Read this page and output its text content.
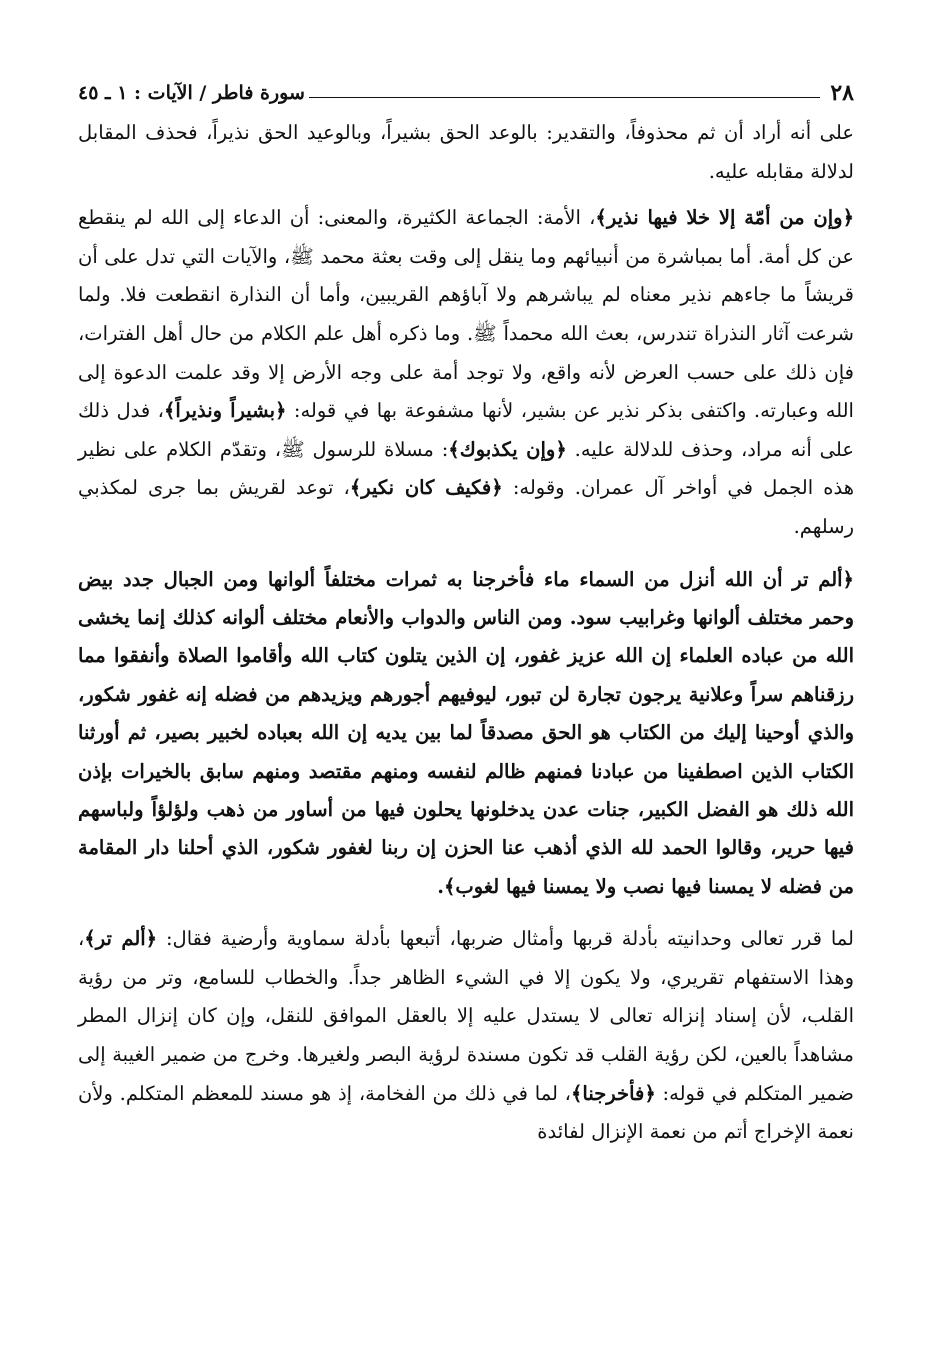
٢٨
سورة فاطر / الآيات : ١ ـ ٤٥

على أنه أراد أن ثم محذوفاً، والتقدير: بالوعد الحق بشيراً، وبالوعيد الحق نذيراً، فحذف المقابل لدلالة مقابله عليه.

﴿وإن من أمّة إلا خلا فيها نذير﴾، الأمة: الجماعة الكثيرة، والمعنى: أن الدعاء إلى الله لم ينقطع عن كل أمة. أما بمباشرة من أنبيائهم وما ينقل إلى وقت بعثة محمد ﷺ، والآيات التي تدل على أن قريشاً ما جاءهم نذير معناه لم يباشرهم ولا آباؤهم القريبين، وأما أن النذارة انقطعت فلا. ولما شرعت آثار النذراة تندرس، بعث الله محمداً ﷺ. وما ذكره أهل علم الكلام من حال أهل الفترات، فإن ذلك على حسب العرض لأنه واقع، ولا توجد أمة على وجه الأرض إلا وقد علمت الدعوة إلى الله وعبارته. واكتفى بذكر نذير عن بشير، لأنها مشفوعة بها في قوله: ﴿بشيراً ونذيراً﴾، فدل ذلك على أنه مراد، وحذف للدلالة عليه. ﴿وإن يكذبوك﴾: مسلاة للرسول ﷺ، وتقدّم الكلام على نظير هذه الجمل في أواخر آل عمران. وقوله: ﴿فكيف كان نكير﴾، توعد لقريش بما جرى لمكذبي رسلهم.

﴿ألم تر أن الله أنزل من السماء ماء فأخرجنا به ثمرات مختلفاً ألوانها ومن الجبال جدد بيض وحمر مختلف ألوانها وغرابيب سود. ومن الناس والدواب والأنعام مختلف ألوانه كذلك إنما يخشى الله من عباده العلماء إن الله عزيز غفور، إن الذين يتلون كتاب الله وأقاموا الصلاة وأنفقوا مما رزقناهم سراً وعلانية يرجون تجارة لن تبور، ليوفيهم أجورهم ويزيدهم من فضله إنه غفور شكور، والذي أوحينا إليك من الكتاب هو الحق مصدقاً لما بين يديه إن الله بعباده لخبير بصير، ثم أورثنا الكتاب الذين اصطفينا من عبادنا فمنهم ظالم لنفسه ومنهم مقتصد ومنهم سابق بالخيرات بإذن الله ذلك هو الفضل الكبير، جنات عدن يدخلونها يحلون فيها من أساور من ذهب ولؤلؤاً ولباسهم فيها حرير، وقالوا الحمد لله الذي أذهب عنا الحزن إن ربنا لغفور شكور، الذي أحلنا دار المقامة من فضله لا يمسنا فيها نصب ولا يمسنا فيها لغوب﴾.

لما قرر تعالى وحدانيته بأدلة قربها وأمثال ضربها، أتبعها بأدلة سماوية وأرضية فقال: ﴿ألم تر﴾، وهذا الاستفهام تقريري، ولا يكون إلا في الشيء الظاهر جداً. والخطاب للسامع، وتر من رؤية القلب، لأن إسناد إنزاله تعالى لا يستدل عليه إلا بالعقل الموافق للنقل، وإن كان إنزال المطر مشاهداً بالعين، لكن رؤية القلب قد تكون مسندة لرؤية البصر ولغيرها. وخرج من ضمير الغيبة إلى ضمير المتكلم في قوله: ﴿فأخرجنا﴾، لما في ذلك من الفخامة، إذ هو مسند للمعظم المتكلم. ولأن نعمة الإخراج أتم من نعمة الإنزال لفائدة
